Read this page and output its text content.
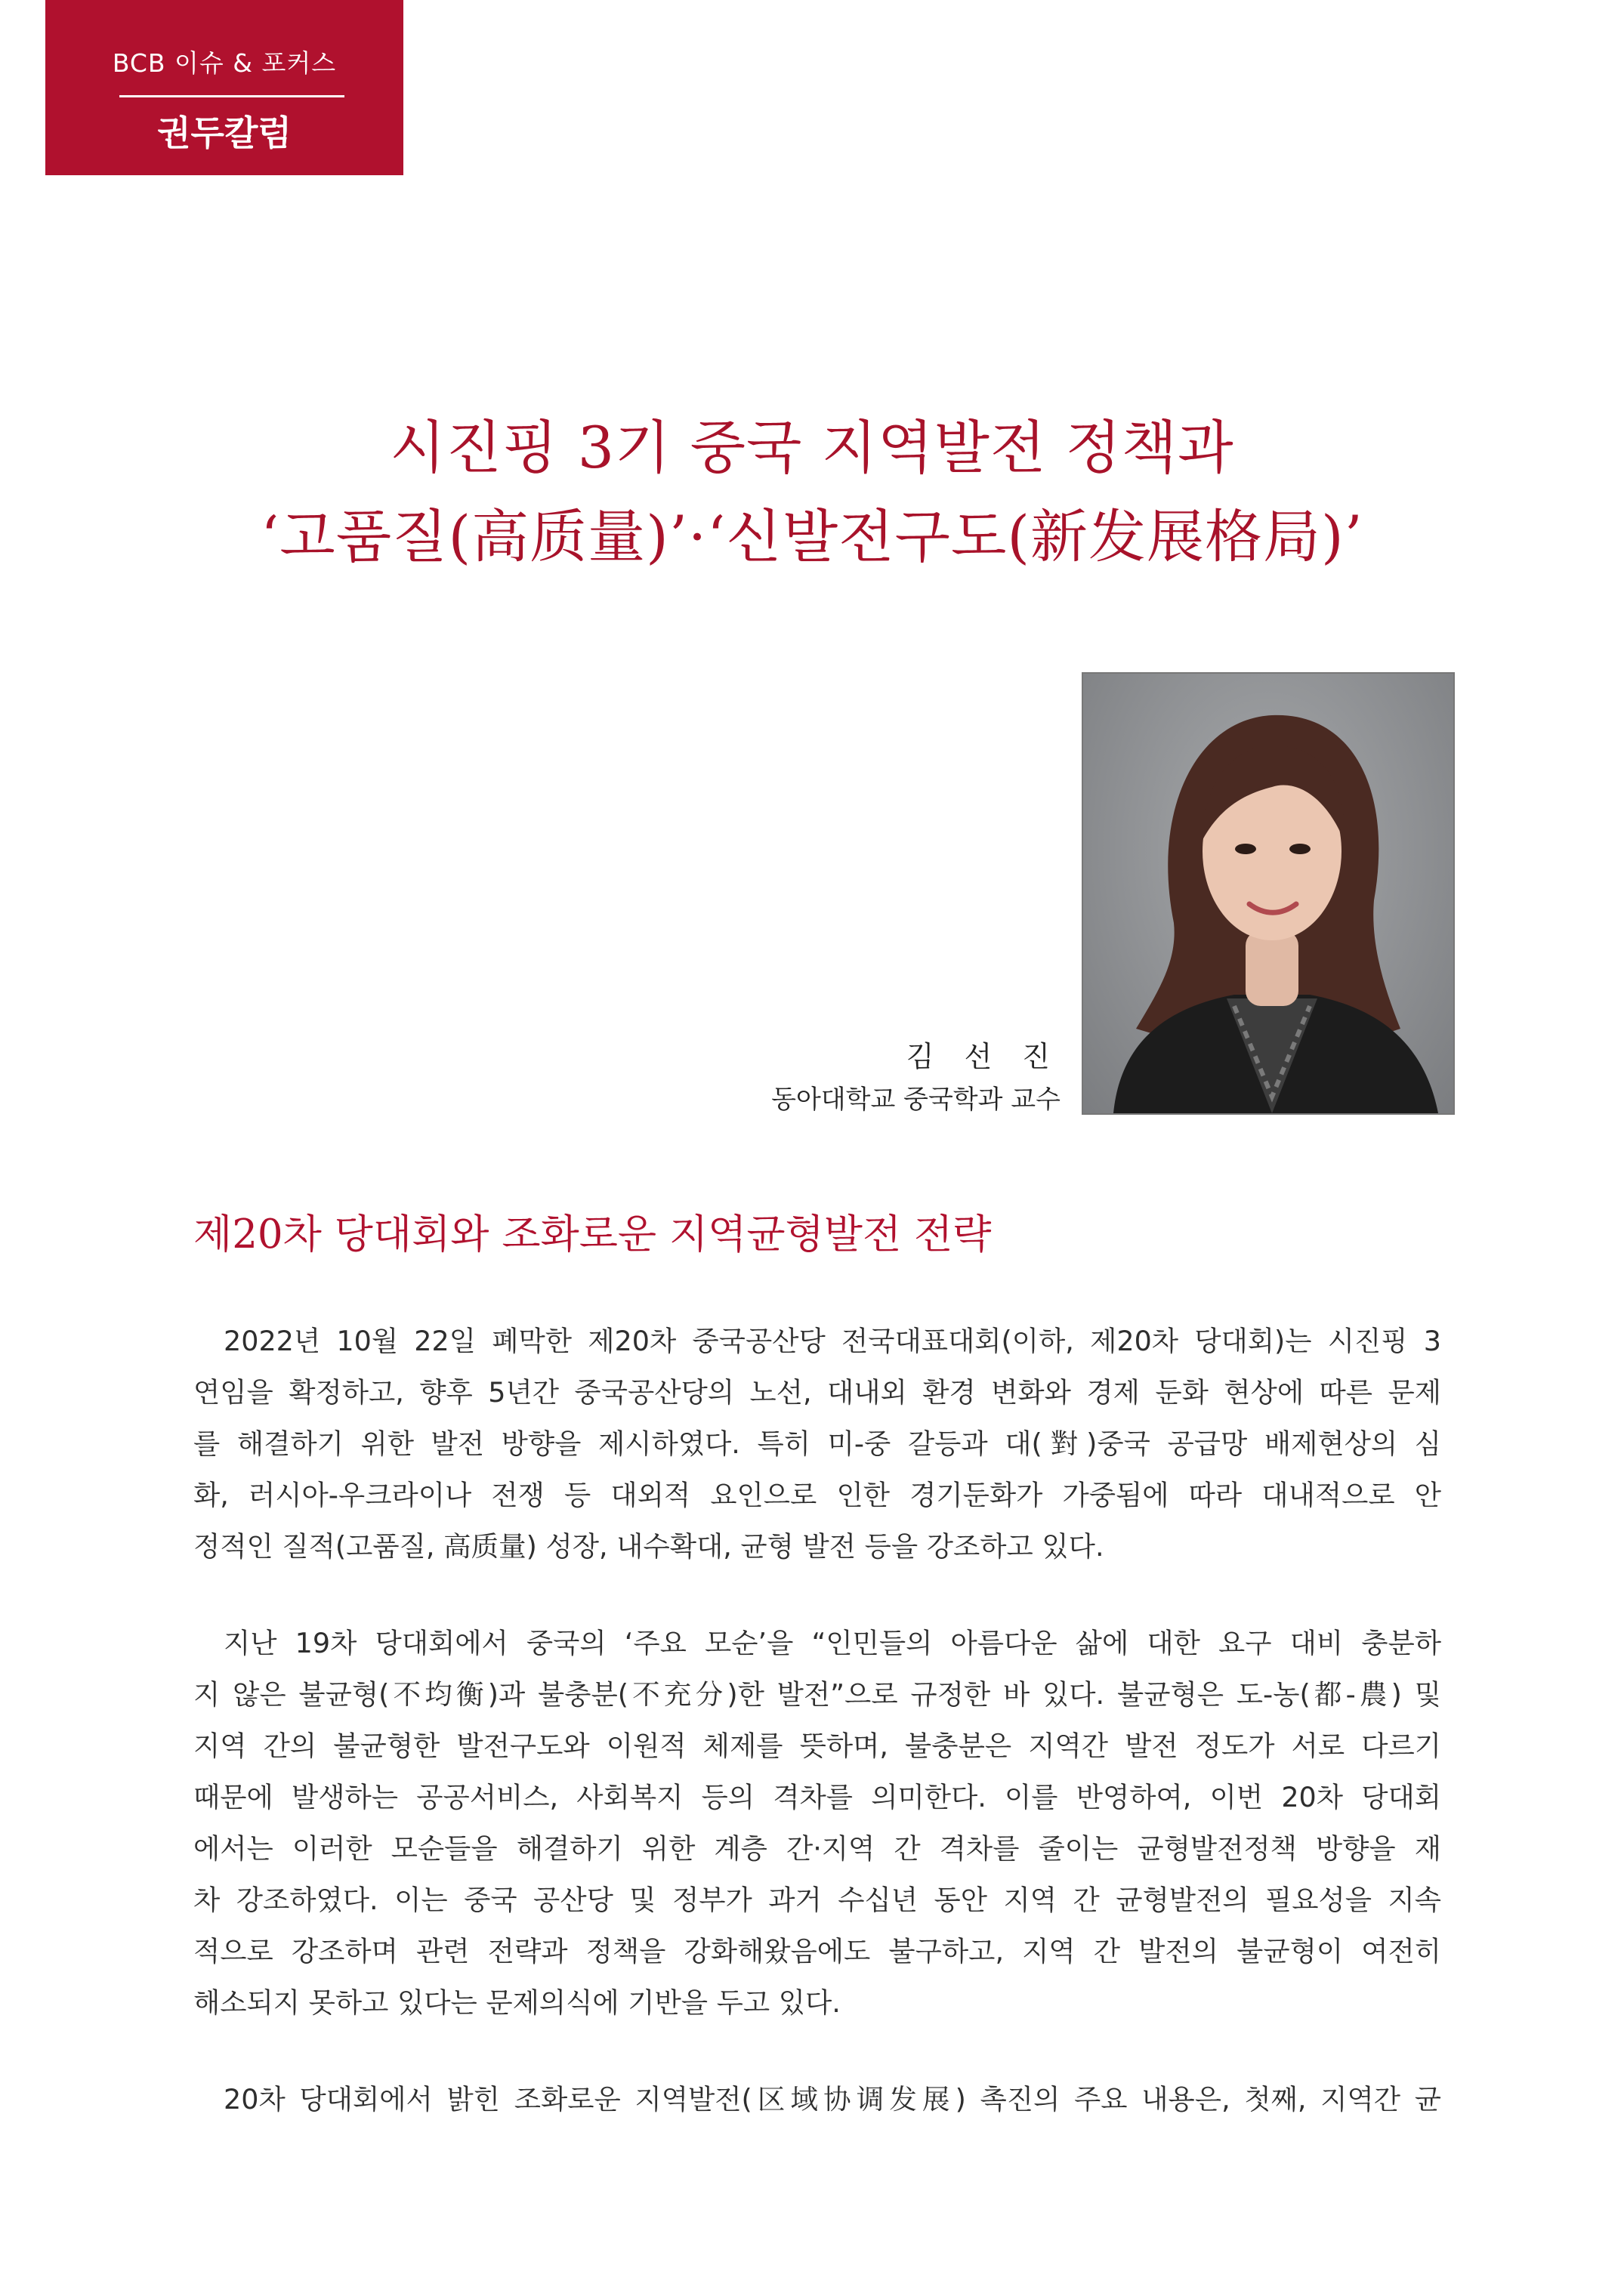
BCB 이슈 & 포커스
권두칼럼
시진핑 3기 중국 지역발전 정책과
‘고품질(高质量)’·‘신발전구도(新发展格局)’
김 선 진
동아대학교 중국학과 교수
제20차 당대회와 조화로운 지역균형발전 전략
2022년 10월 22일 폐막한 제20차 중국공산당 전국대표대회(이하, 제20차 당대회)는 시진핑 3
연임을 확정하고, 향후 5년간 중국공산당의 노선, 대내외 환경 변화와 경제 둔화 현상에 따른 문제
를 해결하기 위한 발전 방향을 제시하였다. 특히 미-중 갈등과 대(對)중국 공급망 배제현상의 심
화, 러시아-우크라이나 전쟁 등 대외적 요인으로 인한 경기둔화가 가중됨에 따라 대내적으로 안
정적인 질적(고품질, 高质量) 성장, 내수확대, 균형 발전 등을 강조하고 있다.
지난 19차 당대회에서 중국의 ‘주요 모순’을 “인민들의 아름다운 삶에 대한 요구 대비 충분하
지 않은 불균형(不均衡)과 불충분(不充分)한 발전”으로 규정한 바 있다. 불균형은 도-농(都-農) 및
지역 간의 불균형한 발전구도와 이원적 체제를 뜻하며, 불충분은 지역간 발전 정도가 서로 다르기
때문에 발생하는 공공서비스, 사회복지 등의 격차를 의미한다. 이를 반영하여, 이번 20차 당대회
에서는 이러한 모순들을 해결하기 위한 계층 간·지역 간 격차를 줄이는 균형발전정책 방향을 재
차 강조하였다. 이는 중국 공산당 및 정부가 과거 수십년 동안 지역 간 균형발전의 필요성을 지속
적으로 강조하며 관련 전략과 정책을 강화해왔음에도 불구하고, 지역 간 발전의 불균형이 여전히
해소되지 못하고 있다는 문제의식에 기반을 두고 있다.
20차 당대회에서 밝힌 조화로운 지역발전(区域协调发展) 촉진의 주요 내용은, 첫째, 지역간 균
